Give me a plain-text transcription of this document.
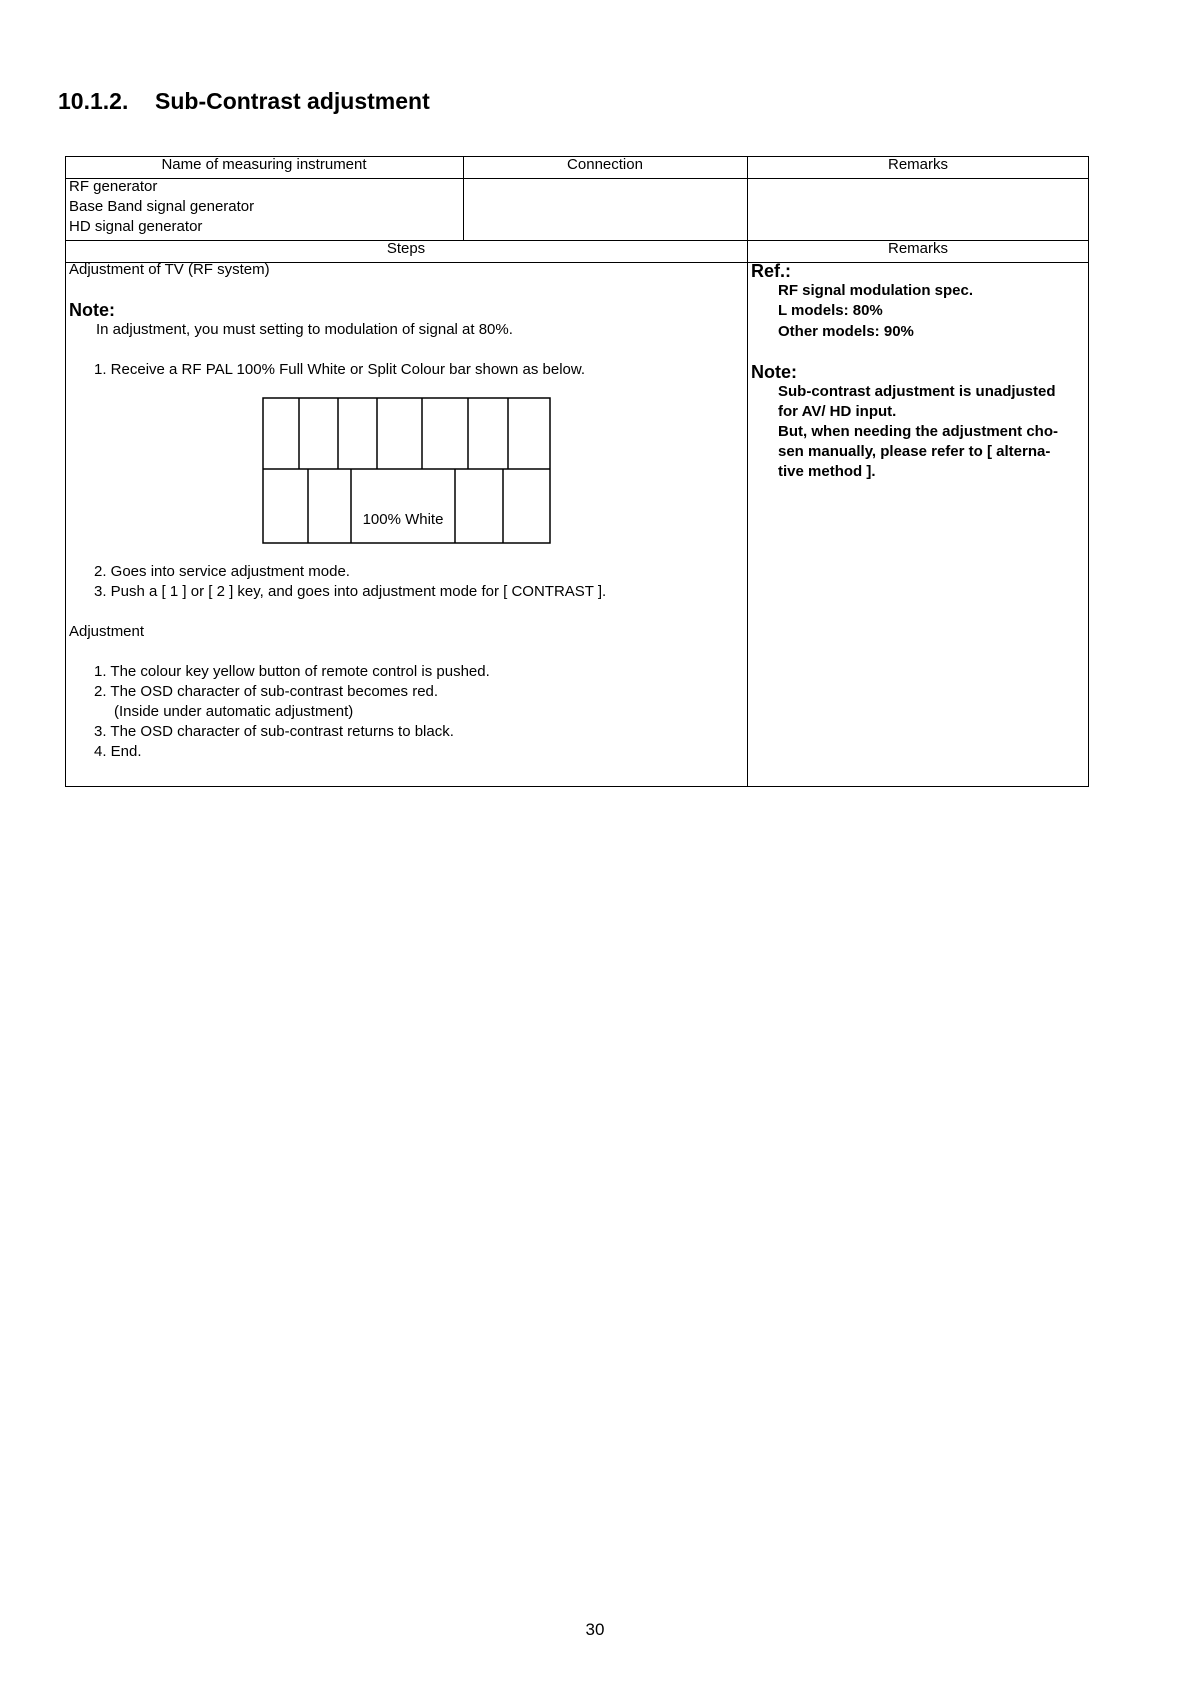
10.1.2. Sub-Contrast adjustment
Name of measuring instrument	Connection	Remarks
RF generator
Base Band signal generator
HD signal generator
Steps	Remarks
Adjustment of TV (RF system)
Note:
In adjustment, you must setting to modulation of signal at 80%.
1. Receive a RF PAL 100% Full White or Split Colour bar shown as below.
100% White
2. Goes into service adjustment mode.
3. Push a [ 1 ] or [ 2 ] key, and goes into adjustment mode for [ CONTRAST ].
Adjustment
1. The colour key yellow button of remote control is pushed.
2. The OSD character of sub-contrast becomes red.
(Inside under automatic adjustment)
3. The OSD character of sub-contrast returns to black.
4. End.
Ref.:
RF signal modulation spec.
L models: 80%
Other models: 90%
Note:
Sub-contrast adjustment is unadjusted
for AV/ HD input.
But, when needing the adjustment cho-
sen manually, please refer to [ alterna-
tive method ].
30
